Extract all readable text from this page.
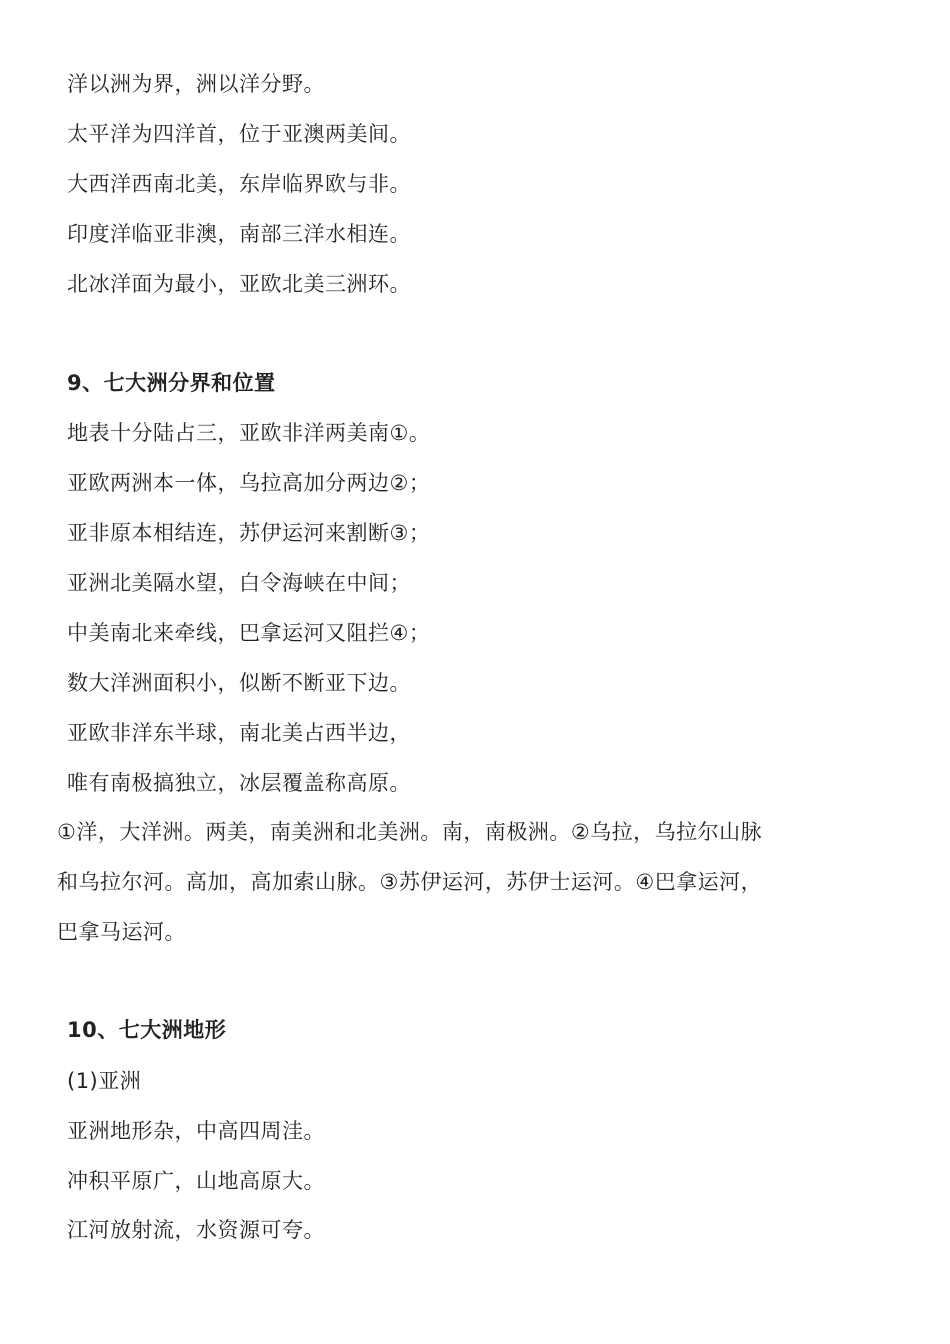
洋以洲为界，洲以洋分野。
太平洋为四洋首，位于亚澳两美间。
大西洋西南北美，东岸临界欧与非。
印度洋临亚非澳，南部三洋水相连。
北冰洋面为最小，亚欧北美三洲环。
9、七大洲分界和位置
地表十分陆占三，亚欧非洋两美南①。
亚欧两洲本一体，乌拉高加分两边②；
亚非原本相结连，苏伊运河来割断③；
亚洲北美隔水望，白令海峡在中间；
中美南北来牵线，巴拿运河又阻拦④；
数大洋洲面积小，似断不断亚下边。
亚欧非洋东半球，南北美占西半边，
唯有南极搞独立，冰层覆盖称高原。
①洋，大洋洲。两美，南美洲和北美洲。南，南极洲。②乌拉，乌拉尔山脉
和乌拉尔河。高加，高加索山脉。③苏伊运河，苏伊士运河。④巴拿运河，
巴拿马运河。
10、七大洲地形
(1)亚洲
亚洲地形杂，中高四周洼。
冲积平原广，山地高原大。
江河放射流，水资源可夸。
